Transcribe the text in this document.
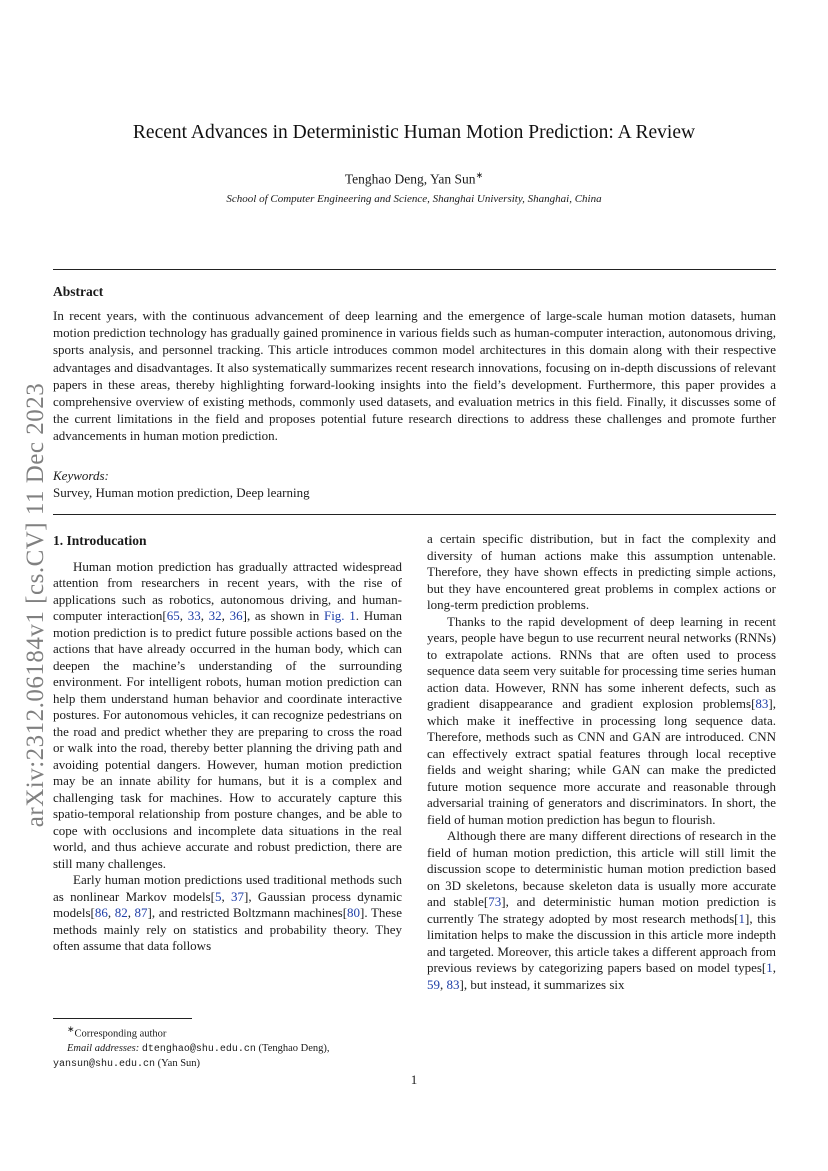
arXiv:2312.06184v1 [cs.CV] 11 Dec 2023
Recent Advances in Deterministic Human Motion Prediction: A Review
Tenghao Deng, Yan Sun∗
School of Computer Engineering and Science, Shanghai University, Shanghai, China
Abstract
In recent years, with the continuous advancement of deep learning and the emergence of large-scale human motion datasets, human motion prediction technology has gradually gained prominence in various fields such as human-computer interaction, autonomous driving, sports analysis, and personnel tracking. This article introduces common model architectures in this domain along with their respective advantages and disadvantages. It also systematically summarizes recent research innovations, focusing on in-depth discussions of relevant papers in these areas, thereby highlighting forward-looking insights into the field’s development. Furthermore, this paper provides a comprehensive overview of existing methods, commonly used datasets, and evaluation metrics in this field. Finally, it discusses some of the current limitations in the field and proposes potential future research directions to address these challenges and promote further advancements in human motion prediction.
Keywords:
Survey, Human motion prediction, Deep learning
1. Introducation

Human motion prediction has gradually attracted widespread attention from researchers in recent years, with the rise of applications such as robotics, autonomous driving, and human-computer interaction[65, 33, 32, 36], as shown in Fig. 1. Human motion prediction is to predict future possible actions based on the actions that have already occurred in the human body, which can deepen the machine’s understanding of the surrounding environment. For intelligent robots, human motion prediction can help them understand human behavior and coordinate interactive postures. For autonomous vehicles, it can recognize pedestrians on the road and predict whether they are preparing to cross the road or walk into the road, thereby better planning the driving path and avoiding potential dangers. However, human motion prediction may be an innate ability for humans, but it is a complex and challenging task for machines. How to accurately capture this spatio-temporal relationship from posture changes, and be able to cope with occlusions and incomplete data situations in the real world, and thus achieve accurate and robust prediction, there are still many challenges.

Early human motion predictions used traditional methods such as nonlinear Markov models[5, 37], Gaussian process dynamic models[86, 82, 87], and restricted Boltzmann machines[80]. These methods mainly rely on statistics and probability theory. They often assume that data follows

a certain specific distribution, but in fact the complexity and diversity of human actions make this assumption untenable. Therefore, they have shown effects in predicting simple actions, but they have encountered great problems in complex actions or long-term prediction problems.

Thanks to the rapid development of deep learning in recent years, people have begun to use recurrent neural networks (RNNs) to extrapolate actions. RNNs that are often used to process sequence data seem very suitable for processing time series human action data. However, RNN has some inherent defects, such as gradient disappearance and gradient explosion problems[83], which make it ineffective in processing long sequence data. Therefore, methods such as CNN and GAN are introduced. CNN can effectively extract spatial features through local receptive fields and weight sharing; while GAN can make the predicted future motion sequence more accurate and reasonable through adversarial training of generators and discriminators. In short, the field of human motion prediction has begun to flourish.

Although there are many different directions of research in the field of human motion prediction, this article will still limit the discussion scope to deterministic human motion prediction based on 3D skeletons, because skeleton data is usually more accurate and stable[73], and deterministic human motion prediction is currently The strategy adopted by most research methods[1], this limitation helps to make the discussion in this article more indepth and targeted. Moreover, this article takes a different approach from previous reviews by categorizing papers based on model types[1, 59, 83], but instead, it summarizes six

∗Corresponding author
Email addresses: dtenghao@shu.edu.cn (Tenghao Deng),
yansun@shu.edu.cn (Yan Sun)
1
